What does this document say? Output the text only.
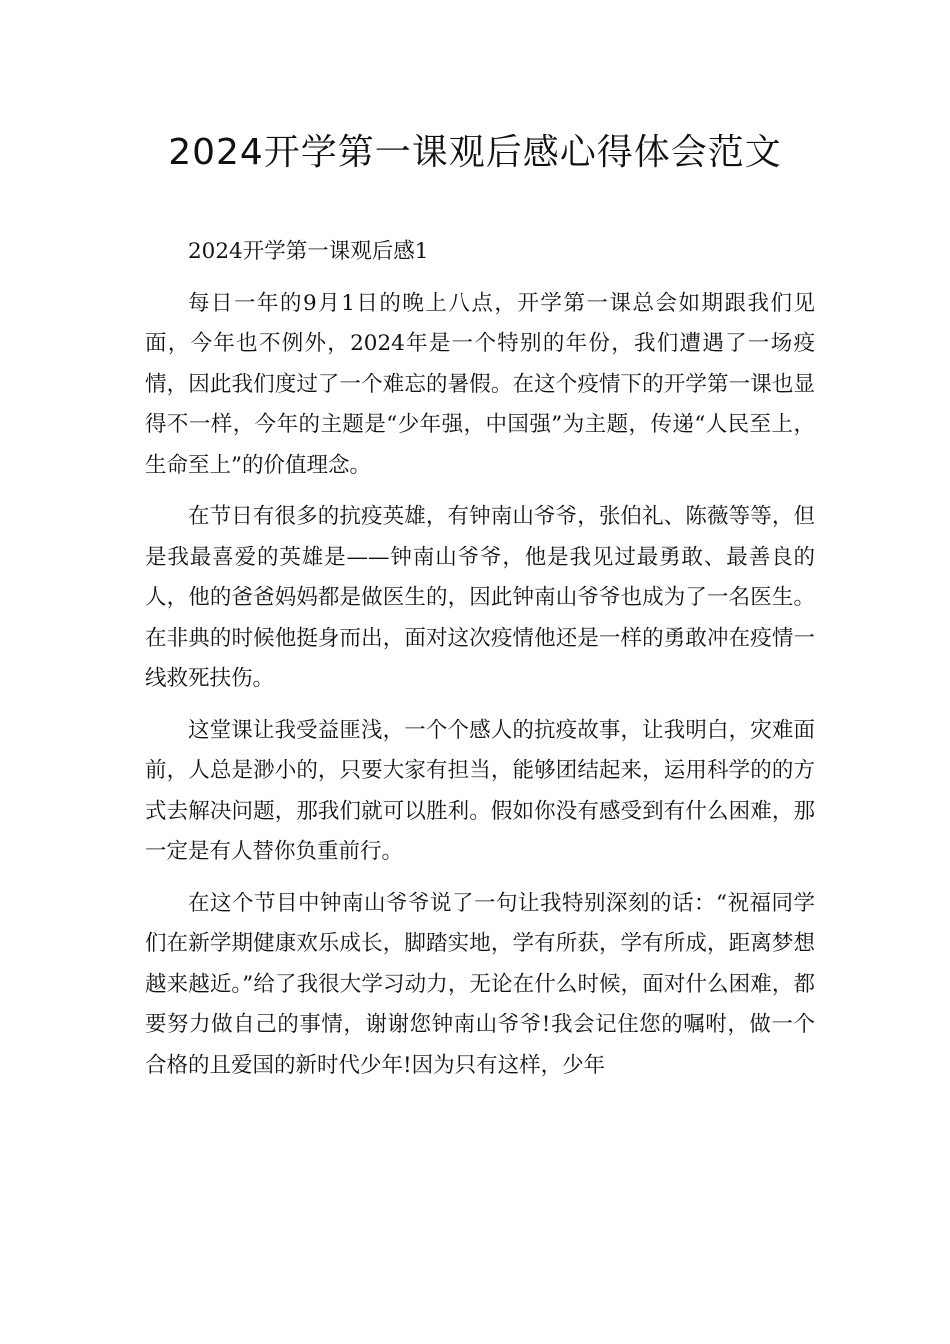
2024开学第一课观后感心得体会范文
2024开学第一课观后感1

每日一年的9月1日的晚上八点，开学第一课总会如期跟我们见面，今年也不例外，2024年是一个特别的年份，我们遭遇了一场疫情，因此我们度过了一个难忘的暑假。在这个疫情下的开学第一课也显得不一样，今年的主题是“少年强，中国强”为主题，传递“人民至上，生命至上”的价值理念。

在节日有很多的抗疫英雄，有钟南山爷爷，张伯礼、陈薇等等，但是我最喜爱的英雄是——钟南山爷爷，他是我见过最勇敢、最善良的人，他的爸爸妈妈都是做医生的，因此钟南山爷爷也成为了一名医生。在非典的时候他挺身而出，面对这次疫情他还是一样的勇敢冲在疫情一线救死扶伤。

这堂课让我受益匪浅，一个个感人的抗疫故事，让我明白，灾难面前，人总是渺小的，只要大家有担当，能够团结起来，运用科学的的方式去解决问题，那我们就可以胜利。假如你没有感受到有什么困难，那一定是有人替你负重前行。

在这个节目中钟南山爷爷说了一句让我特别深刻的话：“祝福同学们在新学期健康欢乐成长，脚踏实地，学有所获，学有所成，距离梦想越来越近。”给了我很大学习动力，无论在什么时候，面对什么困难，都要努力做自己的事情，谢谢您钟南山爷爷!我会记住您的嘱咐，做一个合格的且爱国的新时代少年!因为只有这样，少年
